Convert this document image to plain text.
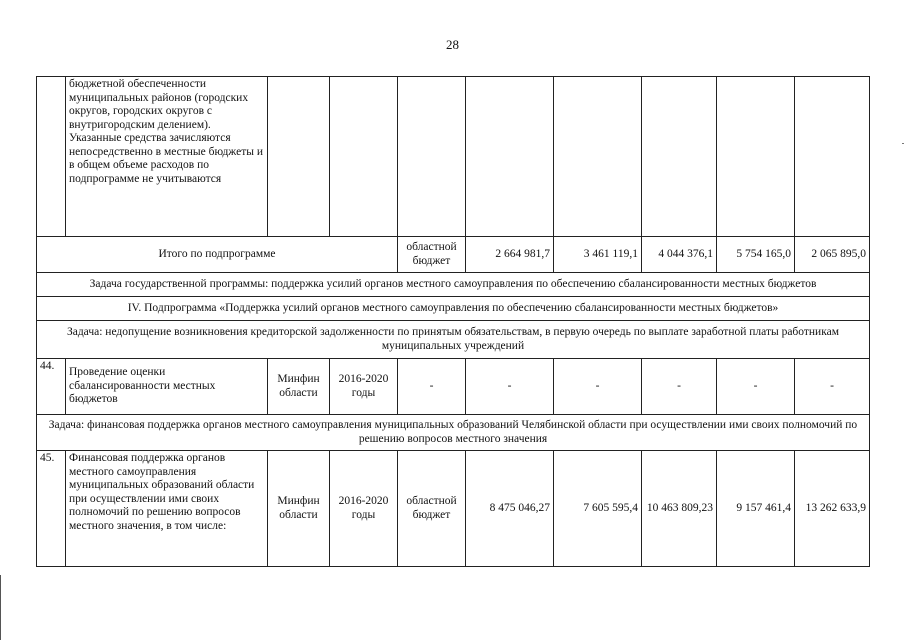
28
	бюджетной обеспеченности муниципальных районов (городских округов, городских округов с внутригородским делением).
Указанные средства зачисляются непосредственно в местные бюджеты и в общем объеме расходов по подпрограмме не учитываются								
Итого по подпрограмме				областной бюджет	2 664 981,7	3 461 119,1	4 044 376,1	5 754 165,0	2 065 895,0
Задача государственной программы: поддержка усилий органов местного самоуправления по обеспечению сбалансированности местных бюджетов									
IV. Подпрограмма «Поддержка усилий органов местного самоуправления по обеспечению сбалансированности местных бюджетов»									
Задача: недопущение возникновения кредиторской задолженности по принятым обязательствам, в первую очередь по выплате заработной платы работникам муниципальных учреждений									
44.	Проведение оценки сбалансированности местных бюджетов	Минфин области	2016-2020 годы	-	-	-	-	-	-
Задача: финансовая поддержка органов местного самоуправления муниципальных образований Челябинской области при осуществлении ими своих полномочий по решению вопросов местного значения									
45.	Финансовая поддержка органов местного самоуправления муниципальных образований области при осуществлении ими своих полномочий по решению вопросов местного значения, в том числе:	Минфин области	2016-2020 годы	областной бюджет	8 475 046,27	7 605 595,4	10 463 809,23	9 157 461,4	13 262 633,9
